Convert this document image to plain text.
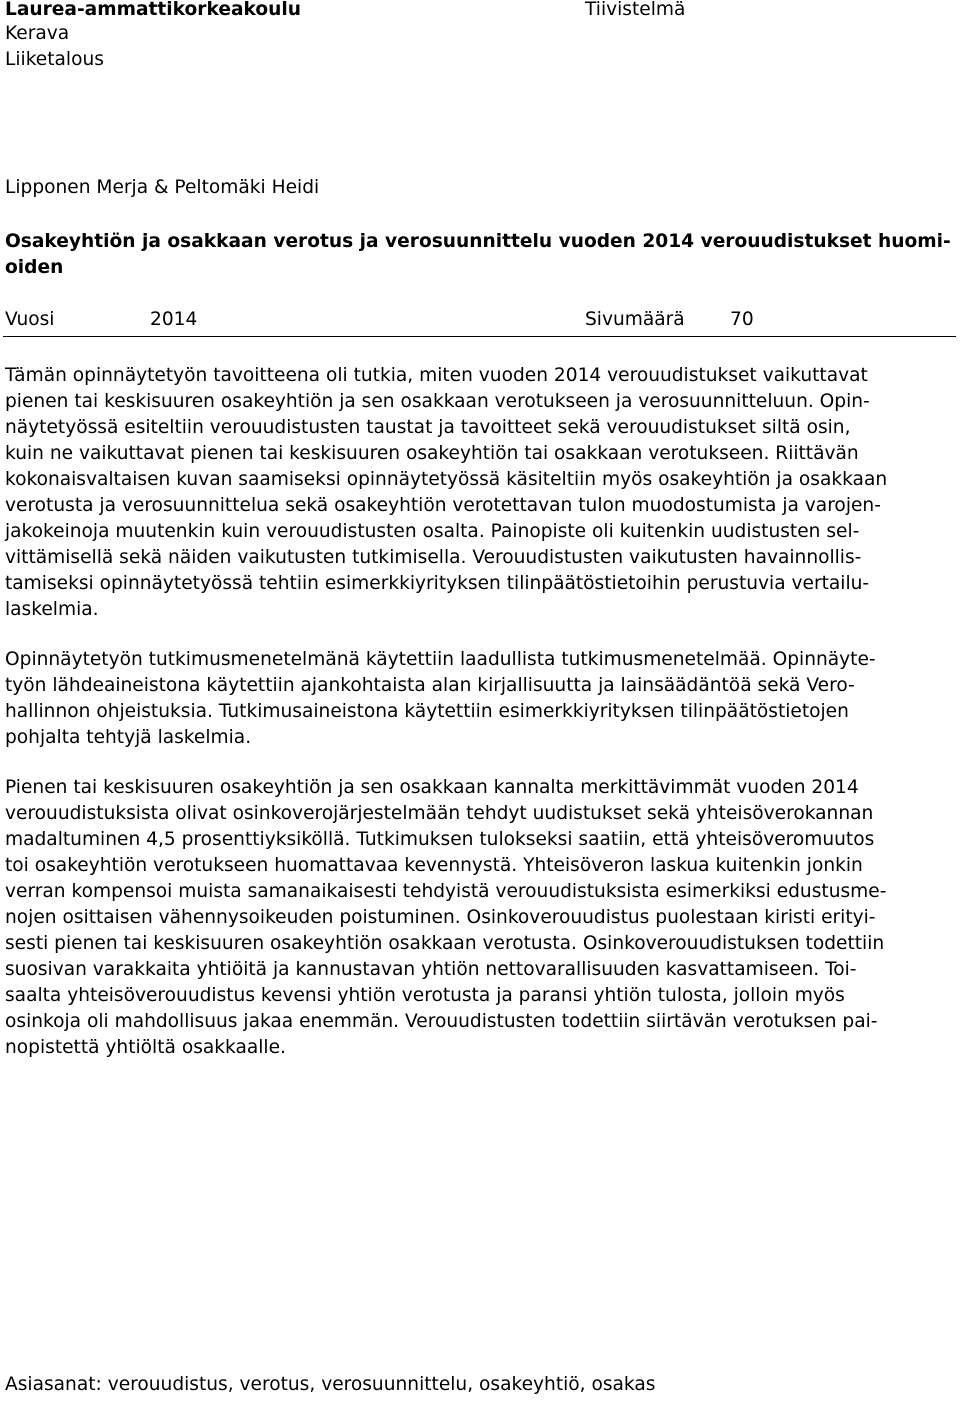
Laurea-ammattikorkeakoulu
Kerava
Liiketalous
Tiivistelmä
Lipponen Merja & Peltomäki Heidi
Osakeyhtiön ja osakkaan verotus ja verosuunnittelu vuoden 2014 verouudistukset huomi-
oiden
Vuosi	2014	Sivumäärä 70
Tämän opinnäytetyön tavoitteena oli tutkia, miten vuoden 2014 verouudistukset vaikuttavat
pienen tai keskisuuren osakeyhtiön ja sen osakkaan verotukseen ja verosuunnitteluun. Opin-
näytetyössä esiteltiin verouudistusten taustat ja tavoitteet sekä verouudistukset siltä osin,
kuin ne vaikuttavat pienen tai keskisuuren osakeyhtiön tai osakkaan verotukseen. Riittävän
kokonaisvaltaisen kuvan saamiseksi opinnäytetyössä käsiteltiin myös osakeyhtiön ja osakkaan
verotusta ja verosuunnittelua sekä osakeyhtiön verotettavan tulon muodostumista ja varojen-
jakokeinoja muutenkin kuin verouudistusten osalta. Painopiste oli kuitenkin uudistusten sel-
vittämisellä sekä näiden vaikutusten tutkimisella. Verouudistusten vaikutusten havainnollis-
tamiseksi opinnäytetyössä tehtiin esimerkkiyrityksen tilinpäätöstietoihin perustuvia vertailu-
laskelmia.
Opinnäytetyön tutkimusmenetelmänä käytettiin laadullista tutkimusmenetelmää. Opinnäyte-
työn lähdeaineistona käytettiin ajankohtaista alan kirjallisuutta ja lainsäädäntöä sekä Vero-
hallinnon ohjeistuksia. Tutkimusaineistona käytettiin esimerkkiyrityksen tilinpäätöstietojen
pohjalta tehtyjä laskelmia.
Pienen tai keskisuuren osakeyhtiön ja sen osakkaan kannalta merkittävimmät vuoden 2014
verouudistuksista olivat osinkoverojärjestelmään tehdyt uudistukset sekä yhteisöverokannan
madaltuminen 4,5 prosenttiyksiköllä. Tutkimuksen tulokseksi saatiin, että yhteisöveromuutos
toi osakeyhtiön verotukseen huomattavaa kevennystä. Yhteisöveron laskua kuitenkin jonkin
verran kompensoi muista samanaikaisesti tehdyistä verouudistuksista esimerkiksi edustusme-
nojen osittaisen vähennysoikeuden poistuminen. Osinkoverouudistus puolestaan kiristi erityi-
sesti pienen tai keskisuuren osakeyhtiön osakkaan verotusta. Osinkoverouudistuksen todettiin
suosivan varakkaita yhtiöitä ja kannustavan yhtiön nettovarallisuuden kasvattamiseen. Toi-
saalta yhteisöverouudistus kevensi yhtiön verotusta ja paransi yhtiön tulosta, jolloin myös
osinkoja oli mahdollisuus jakaa enemmän. Verouudistusten todettiin siirtävän verotuksen pai-
nopistettä yhtiöltä osakkaalle.
Asiasanat: verouudistus, verotus, verosuunnittelu, osakeyhtiö, osakas
